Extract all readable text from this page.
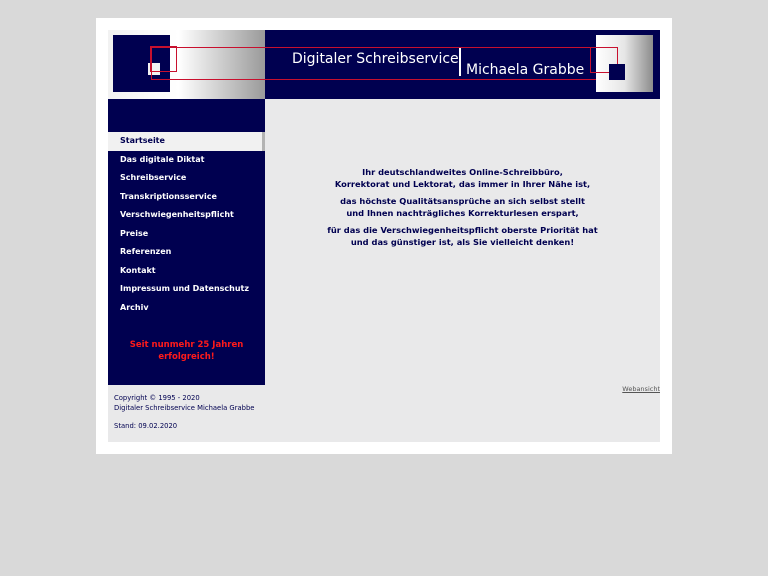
Digitaler Schreibservice
Michaela Grabbe
Startseite
Das digitale Diktat
Schreibservice
Transkriptionsservice
Verschwiegenheitspflicht
Preise
Referenzen
Kontakt
Impressum und Datenschutz
Archiv
Seit nunmehr 25 Jahren
erfolgreich!

Ihr deutschlandweites Online-Schreibbüro,
Korrektorat und Lektorat, das immer in Ihrer Nähe ist,

das höchste Qualitätsansprüche an sich selbst stellt
und Ihnen nachträgliches Korrekturlesen erspart,

für das die Verschwiegenheitspflicht oberste Priorität hat
und das günstiger ist, als Sie vielleicht denken!

Webansicht
Copyright © 1995 - 2020
Digitaler Schreibservice Michaela Grabbe
Stand: 09.02.2020
